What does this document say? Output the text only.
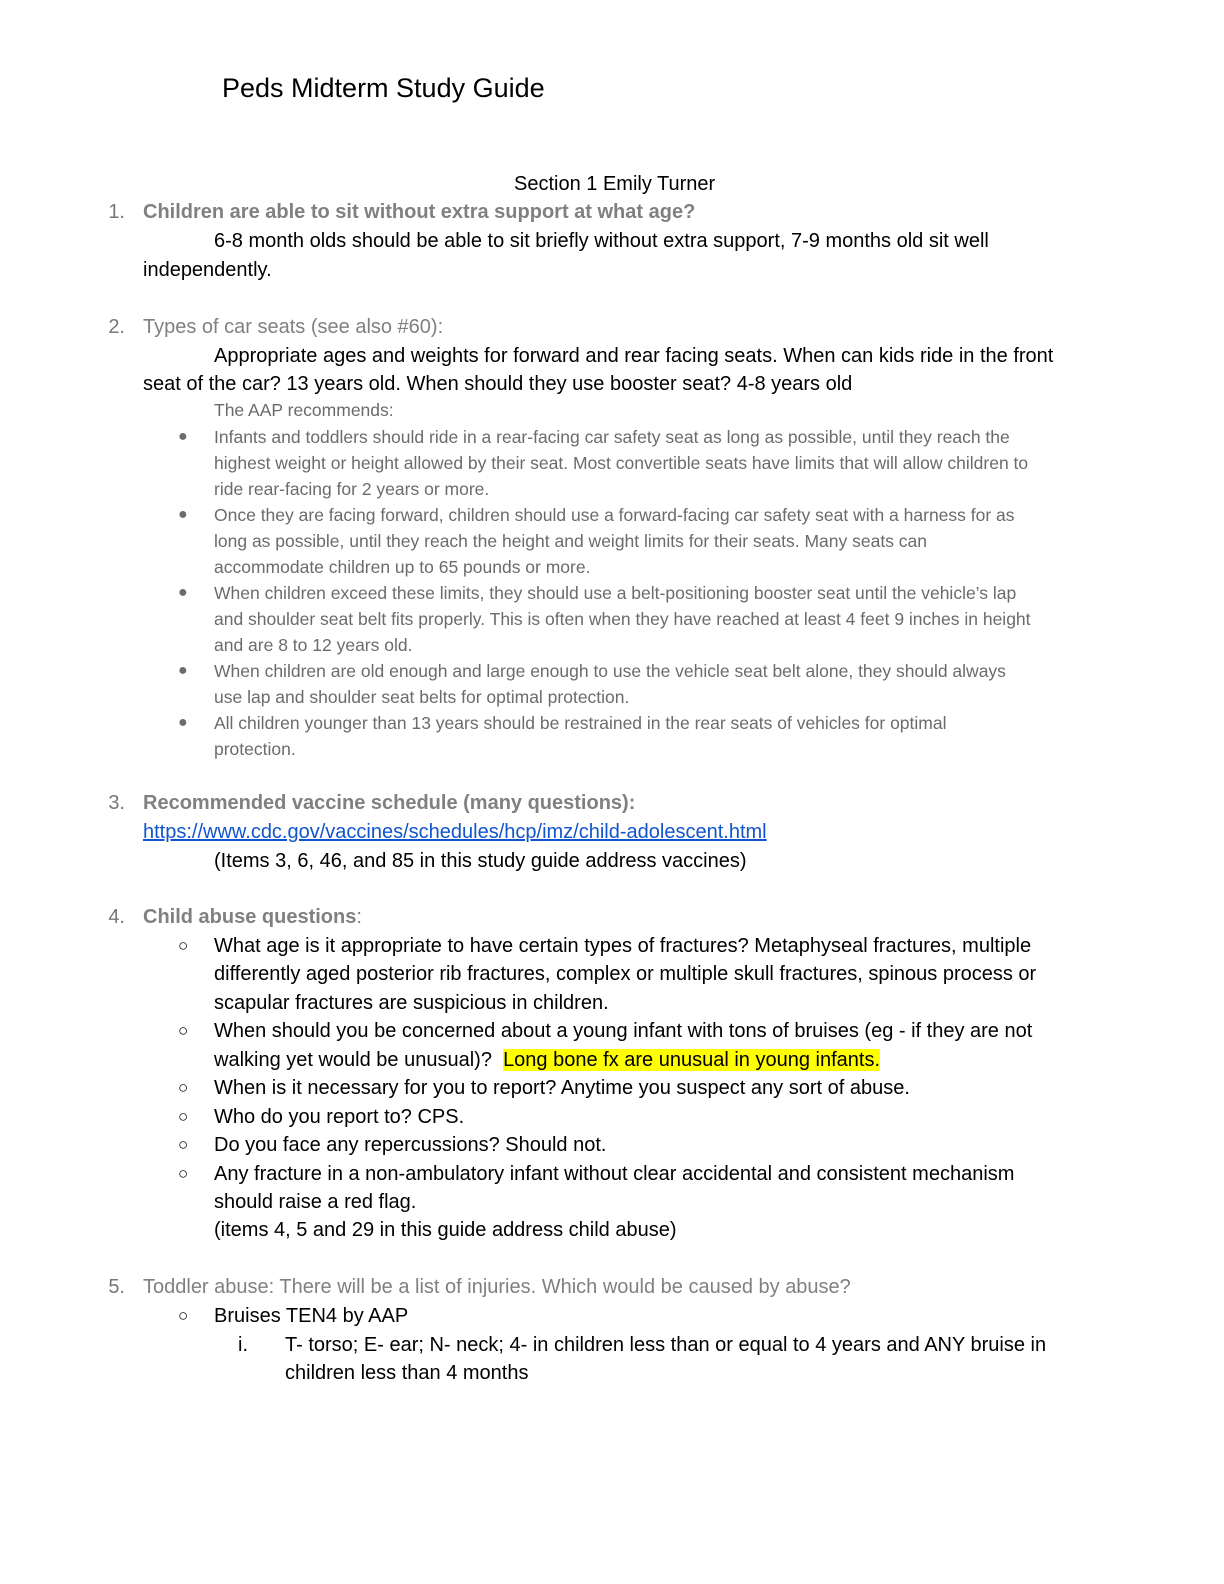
Peds Midterm Study Guide
Section 1 Emily Turner
1. Children are able to sit without extra support at what age?
6-8 month olds should be able to sit briefly without extra support, 7-9 months old sit well
independently.
2. Types of car seats (see also #60):
Appropriate ages and weights for forward and rear facing seats. When can kids ride in the front
seat of the car? 13 years old. When should they use booster seat? 4-8 years old
The AAP recommends:
● Infants and toddlers should ride in a rear-facing car safety seat as long as possible, until they reach the
highest weight or height allowed by their seat. Most convertible seats have limits that will allow children to
ride rear-facing for 2 years or more.
● Once they are facing forward, children should use a forward-facing car safety seat with a harness for as
long as possible, until they reach the height and weight limits for their seats. Many seats can
accommodate children up to 65 pounds or more.
● When children exceed these limits, they should use a belt-positioning booster seat until the vehicle’s lap
and shoulder seat belt fits properly. This is often when they have reached at least 4 feet 9 inches in height
and are 8 to 12 years old.
● When children are old enough and large enough to use the vehicle seat belt alone, they should always
use lap and shoulder seat belts for optimal protection.
● All children younger than 13 years should be restrained in the rear seats of vehicles for optimal
protection.
3. Recommended vaccine schedule (many questions):
https://www.cdc.gov/vaccines/schedules/hcp/imz/child-adolescent.html
(Items 3, 6, 46, and 85 in this study guide address vaccines)
4. Child abuse questions:
○ What age is it appropriate to have certain types of fractures? Metaphyseal fractures, multiple
differently aged posterior rib fractures, complex or multiple skull fractures, spinous process or
scapular fractures are suspicious in children.
○ When should you be concerned about a young infant with tons of bruises (eg - if they are not
walking yet would be unusual)?  Long bone fx are unusual in young infants.
○ When is it necessary for you to report? Anytime you suspect any sort of abuse.
○ Who do you report to? CPS.
○ Do you face any repercussions? Should not.
○ Any fracture in a non-ambulatory infant without clear accidental and consistent mechanism
should raise a red flag.
(items 4, 5 and 29 in this guide address child abuse)
5. Toddler abuse: There will be a list of injuries. Which would be caused by abuse?
○ Bruises TEN4 by AAP
i. T- torso; E- ear; N- neck; 4- in children less than or equal to 4 years and ANY bruise in
children less than 4 months
